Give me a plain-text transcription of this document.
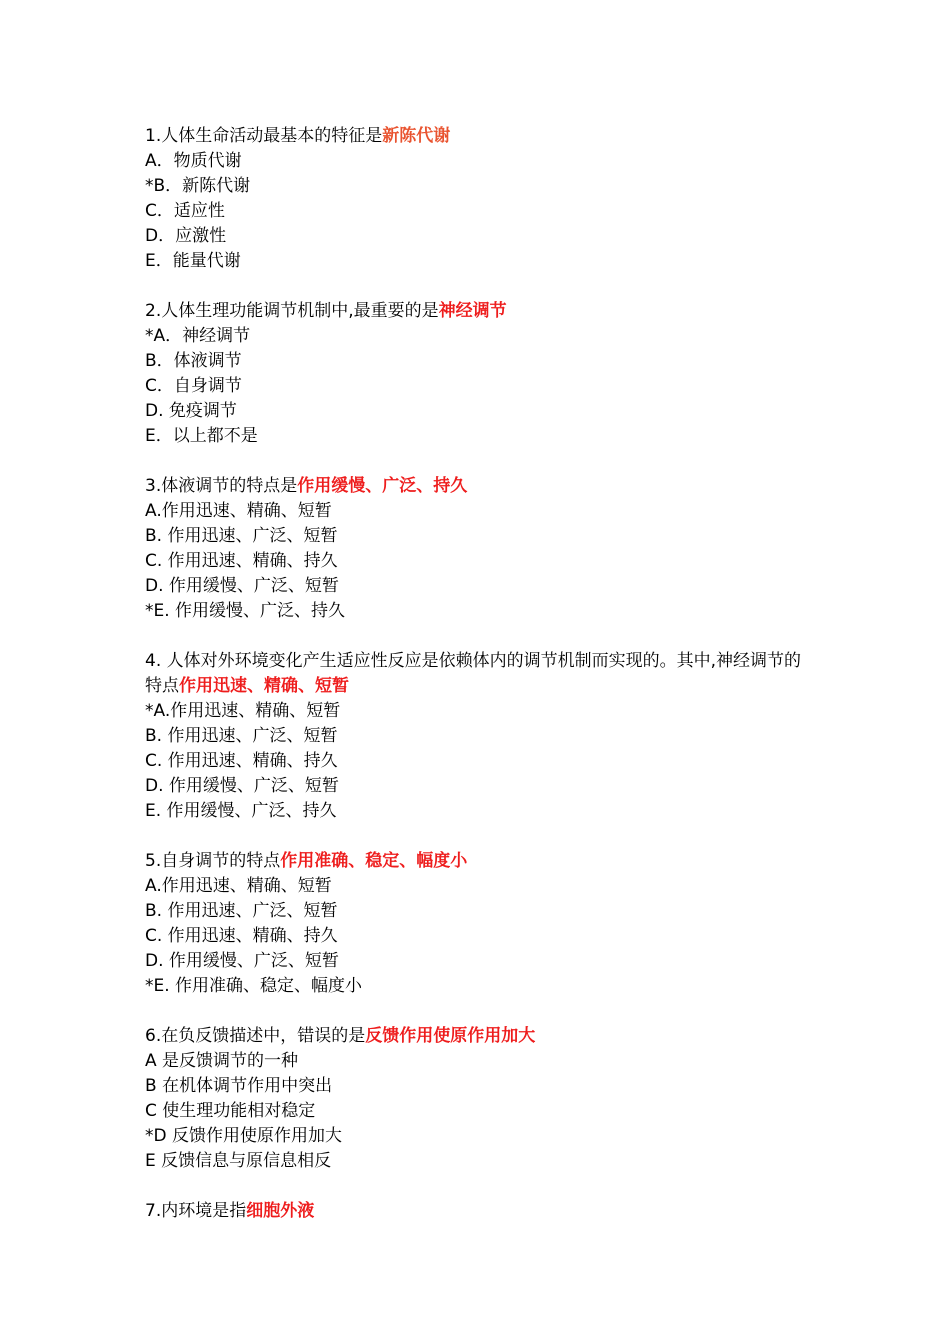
1.人体生命活动最基本的特征是新陈代谢
A．物质代谢
*B．新陈代谢
C．适应性
D．应激性
E．能量代谢
2.人体生理功能调节机制中,最重要的是神经调节
*A．神经调节
B．体液调节
C．自身调节
D. 免疫调节
E．以上都不是
3.体液调节的特点是作用缓慢、广泛、持久
A.作用迅速、精确、短暂
B. 作用迅速、广泛、短暂
C. 作用迅速、精确、持久
D. 作用缓慢、广泛、短暂
*E. 作用缓慢、广泛、持久
4. 人体对外环境变化产生适应性反应是依赖体内的调节机制而实现的。其中,神经调节的特点作用迅速、精确、短暂
*A.作用迅速、精确、短暂
B. 作用迅速、广泛、短暂
C. 作用迅速、精确、持久
D. 作用缓慢、广泛、短暂
E. 作用缓慢、广泛、持久
5.自身调节的特点作用准确、稳定、幅度小
A.作用迅速、精确、短暂
B. 作用迅速、广泛、短暂
C. 作用迅速、精确、持久
D. 作用缓慢、广泛、短暂
*E. 作用准确、稳定、幅度小
6.在负反馈描述中，错误的是反馈作用使原作用加大
A 是反馈调节的一种
B 在机体调节作用中突出
C 使生理功能相对稳定
*D 反馈作用使原作用加大
E 反馈信息与原信息相反
7.内环境是指细胞外液
